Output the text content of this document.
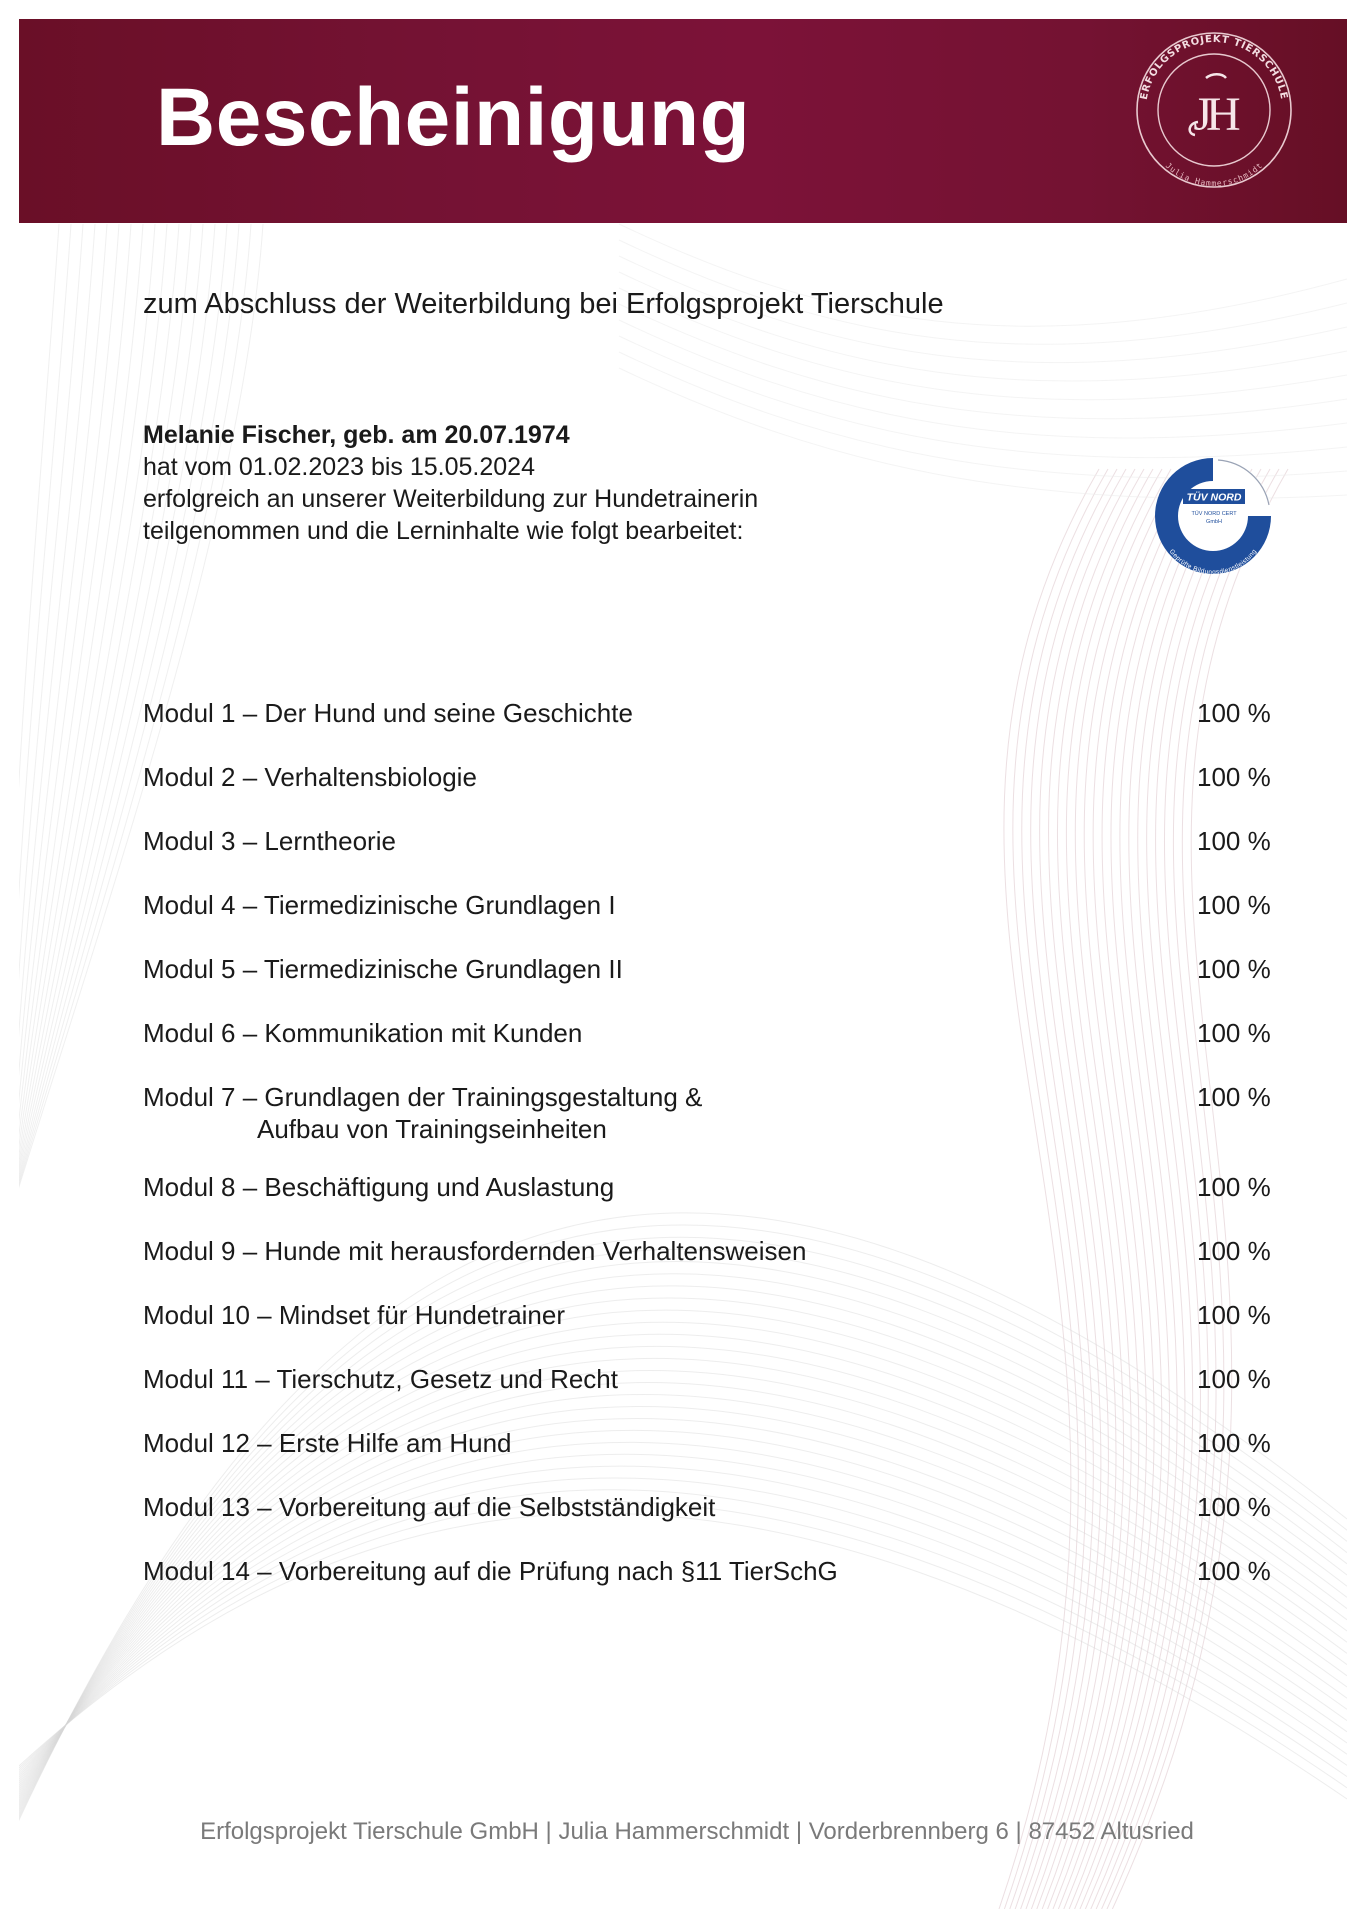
Bescheinigung	ERFOLGSPROJEKT TIERSCHULE
Julia Hammerschmidt
JH
zum Abschluss der Weiterbildung bei Erfolgsprojekt Tierschule
Melanie Fischer, geb. am 20.07.1974
hat vom 01.02.2023 bis 15.05.2024
erfolgreich an unserer Weiterbildung zur Hundetrainerin
teilgenommen und die Lerninhalte wie folgt bearbeitet:
TÜV NORD
TÜV NORD CERT
GmbH
Geprüfte Bildungsdienstleistung
Modul 1 – Der Hund und seine Geschichte	100 %
Modul 2 – Verhaltensbiologie	100 %
Modul 3 – Lerntheorie	100 %
Modul 4 – Tiermedizinische Grundlagen I	100 %
Modul 5 – Tiermedizinische Grundlagen II	100 %
Modul 6 – Kommunikation mit Kunden	100 %
Modul 7 – Grundlagen der Trainingsgestaltung &
Aufbau von Trainingseinheiten
100 %
Modul 8 – Beschäftigung und Auslastung	100 %
Modul 9 – Hunde mit herausfordernden Verhaltensweisen	100 %
Modul 10 – Mindset für Hundetrainer	100 %
Modul 11 – Tierschutz, Gesetz und Recht	100 %
Modul 12 – Erste Hilfe am Hund	100 %
Modul 13 – Vorbereitung auf die Selbstständigkeit	100 %
Modul 14 – Vorbereitung auf die Prüfung nach §11 TierSchG	100 %
Erfolgsprojekt Tierschule GmbH | Julia Hammerschmidt | Vorderbrennberg 6 | 87452 Altusried
